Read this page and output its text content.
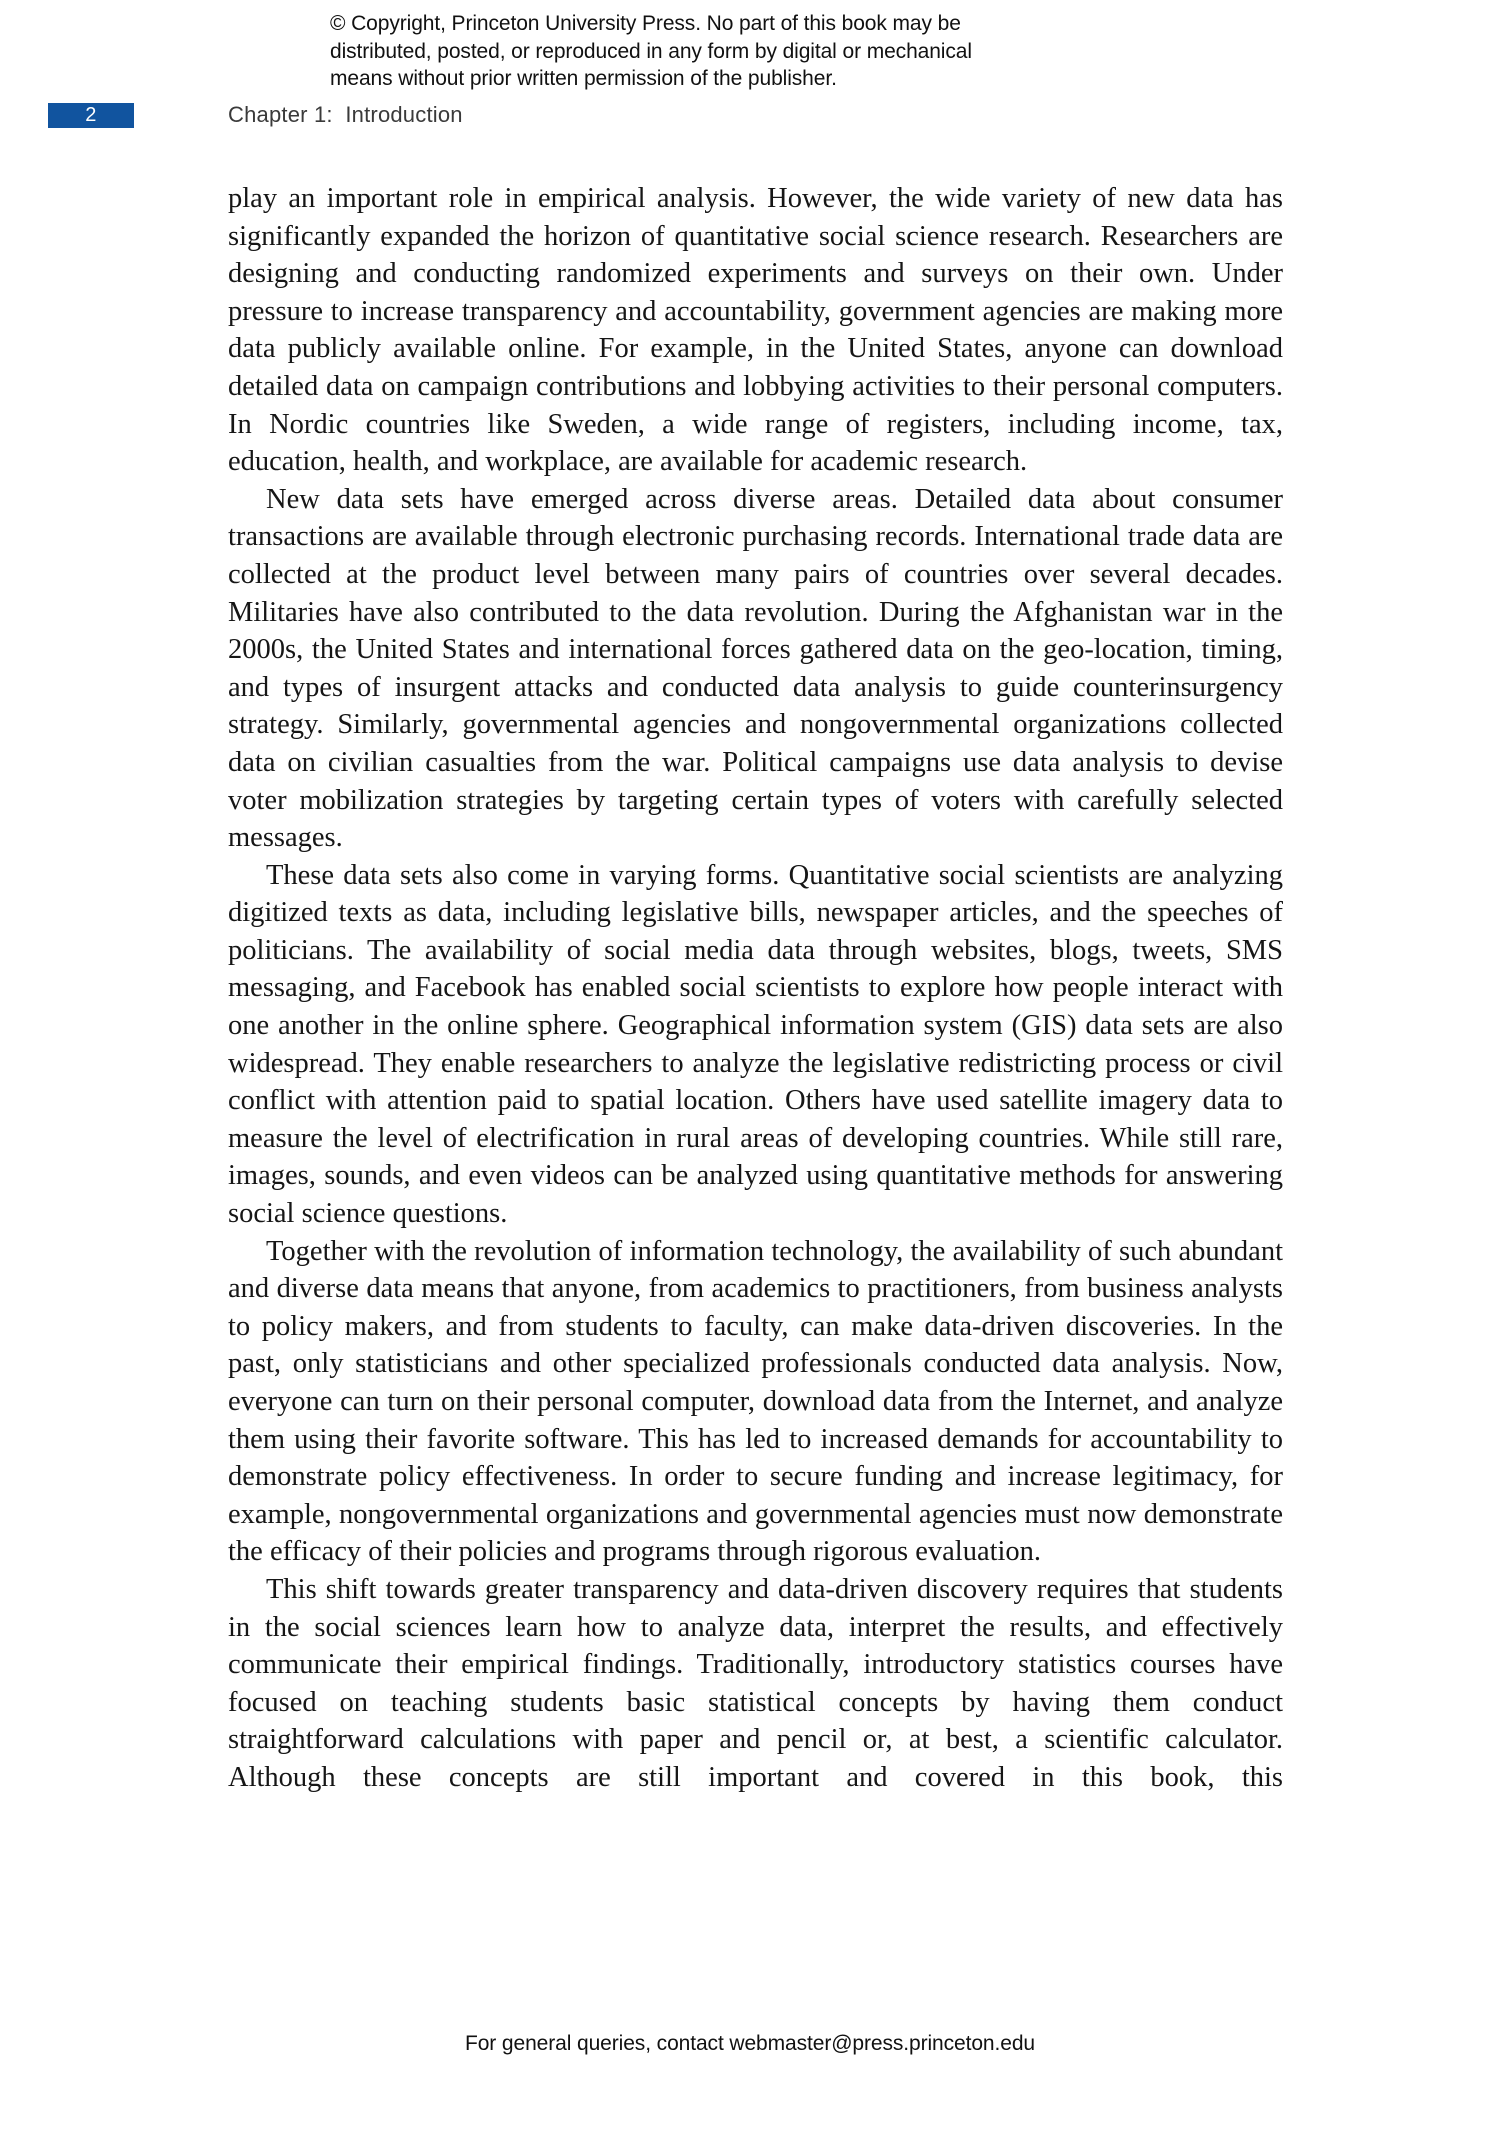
© Copyright, Princeton University Press. No part of this book may be
distributed, posted, or reproduced in any form by digital or mechanical
means without prior written permission of the publisher.
2	Chapter 1:  Introduction

play an important role in empirical analysis. However, the wide variety of new data has significantly expanded the horizon of quantitative social science research. Researchers are designing and conducting randomized experiments and surveys on their own. Under pressure to increase transparency and accountability, government agencies are making more data publicly available online. For example, in the United States, anyone can download detailed data on campaign contributions and lobbying activities to their personal computers. In Nordic countries like Sweden, a wide range of registers, including income, tax, education, health, and workplace, are available for academic research.

New data sets have emerged across diverse areas. Detailed data about consumer transactions are available through electronic purchasing records. International trade data are collected at the product level between many pairs of countries over several decades. Militaries have also contributed to the data revolution. During the Afghanistan war in the 2000s, the United States and international forces gathered data on the geo-location, timing, and types of insurgent attacks and conducted data analysis to guide counterinsurgency strategy. Similarly, governmental agencies and nongovernmental organizations collected data on civilian casualties from the war. Political campaigns use data analysis to devise voter mobilization strategies by targeting certain types of voters with carefully selected messages.

These data sets also come in varying forms. Quantitative social scientists are analyzing digitized texts as data, including legislative bills, newspaper articles, and the speeches of politicians. The availability of social media data through websites, blogs, tweets, SMS messaging, and Facebook has enabled social scientists to explore how people interact with one another in the online sphere. Geographical information system (GIS) data sets are also widespread. They enable researchers to analyze the legislative redistricting process or civil conflict with attention paid to spatial location. Others have used satellite imagery data to measure the level of electrification in rural areas of developing countries. While still rare, images, sounds, and even videos can be analyzed using quantitative methods for answering social science questions.

Together with the revolution of information technology, the availability of such abundant and diverse data means that anyone, from academics to practitioners, from business analysts to policy makers, and from students to faculty, can make data-driven discoveries. In the past, only statisticians and other specialized professionals conducted data analysis. Now, everyone can turn on their personal computer, download data from the Internet, and analyze them using their favorite software. This has led to increased demands for accountability to demonstrate policy effectiveness. In order to secure funding and increase legitimacy, for example, nongovernmental organizations and governmental agencies must now demonstrate the efficacy of their policies and programs through rigorous evaluation.

This shift towards greater transparency and data-driven discovery requires that students in the social sciences learn how to analyze data, interpret the results, and effectively communicate their empirical findings. Traditionally, introductory statistics courses have focused on teaching students basic statistical concepts by having them conduct straightforward calculations with paper and pencil or, at best, a scientific calculator. Although these concepts are still important and covered in this book, this

For general queries, contact webmaster@press.princeton.edu
